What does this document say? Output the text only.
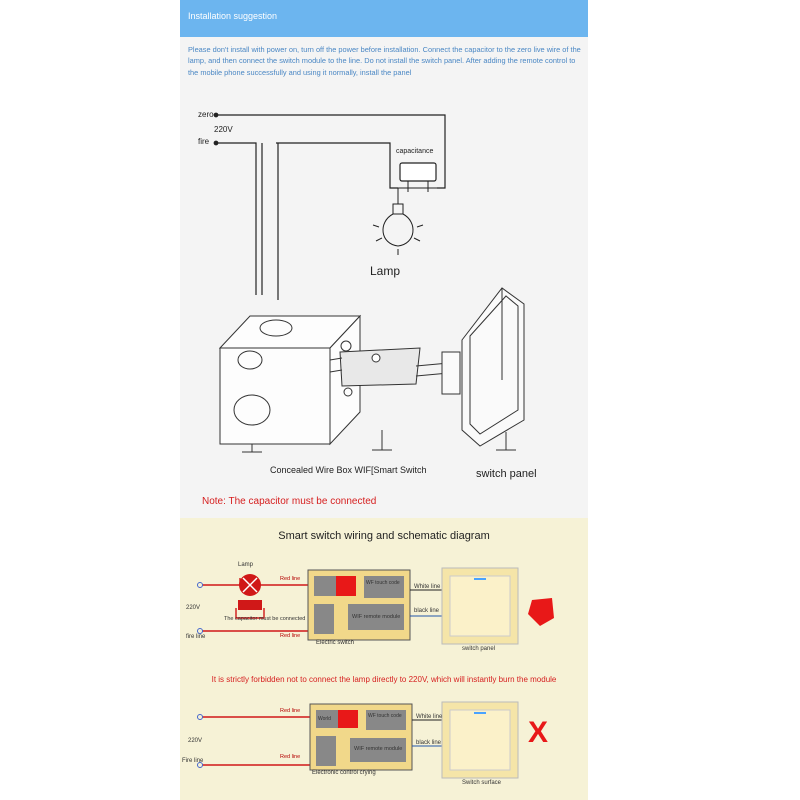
Installation suggestion
Please don't install with power on, turn off the power before installation. Connect the capacitor to the zero live wire of the lamp, and then connect the switch module to the line. Do not install the switch panel. After adding the remote control to the mobile phone successfully and using it normally, install the panel
zero
220V
fire
capacitance
Lamp
Concealed Wire Box WIF[Smart Switch	switch panel
Note: The capacitor must be connected
Smart switch wiring and schematic diagram
Lamp
Red line
220V
The capacitor must be connected
Red line
Electric switch
fire line
WF touch code
WIF remote module
White line
black line
switch panel
It is strictly forbidden not to connect the lamp directly to 220V, which will instantly burn the module
Red line
220V
Red line
Fire line
World	WF touch code
WIF remote module
White line
black line
Electronic control crying
Switch surface
X
